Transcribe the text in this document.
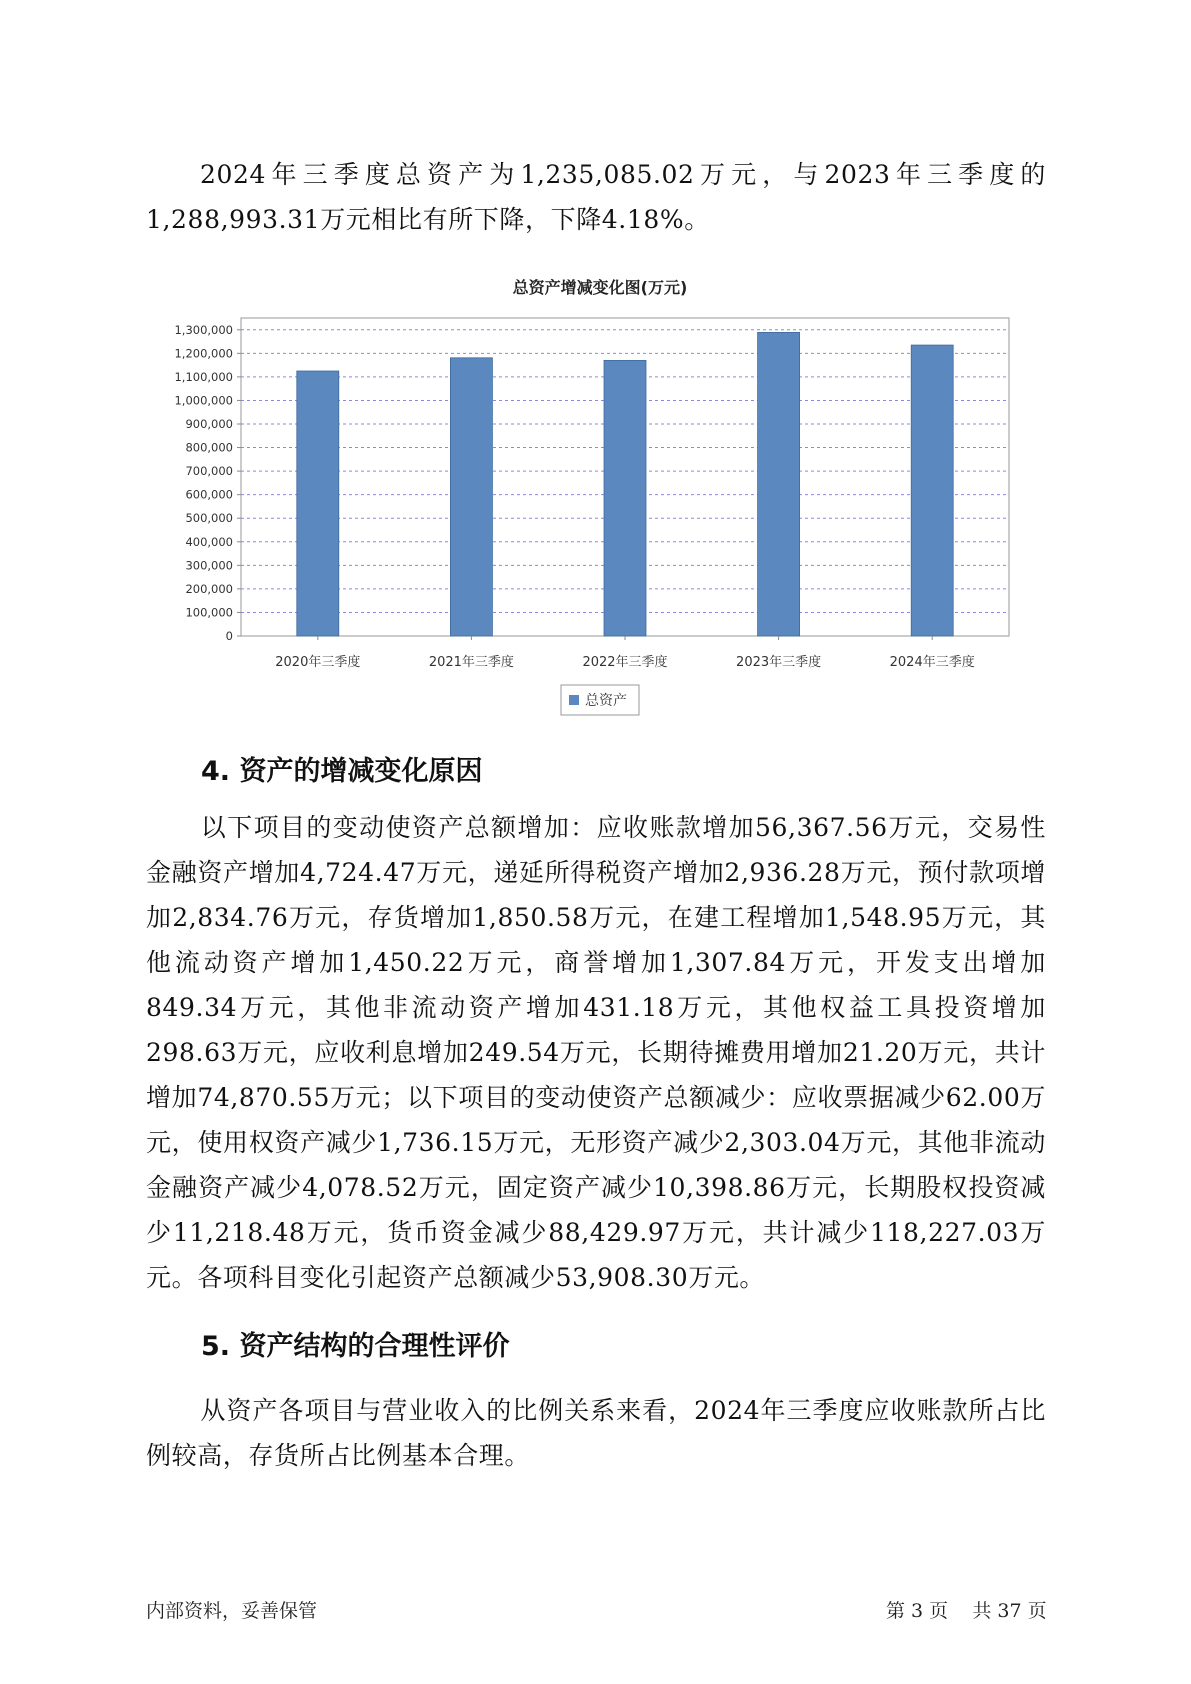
2024年三季度总资产为1,235,085.02万元，与2023年三季度的1,288,993.31万元相比有所下降，下降4.18%。

总资产增减变化图(万元)

0
100,000
200,000
300,000
400,000
500,000
600,000
700,000
800,000
900,000
1,000,000
1,100,000
1,200,000
1,300,000
2020年三季度	2021年三季度	2022年三季度	2023年三季度	2024年三季度
总资产
4. 资产的增减变化原因

以下项目的变动使资产总额增加：应收账款增加56,367.56万元，交易性金融资产增加4,724.47万元，递延所得税资产增加2,936.28万元，预付款项增加2,834.76万元，存货增加1,850.58万元，在建工程增加1,548.95万元，其他流动资产增加1,450.22万元，商誉增加1,307.84万元，开发支出增加849.34万元，其他非流动资产增加431.18万元，其他权益工具投资增加298.63万元，应收利息增加249.54万元，长期待摊费用增加21.20万元，共计增加74,870.55万元；以下项目的变动使资产总额减少：应收票据减少62.00万元，使用权资产减少1,736.15万元，无形资产减少2,303.04万元，其他非流动金融资产减少4,078.52万元，固定资产减少10,398.86万元，长期股权投资减少11,218.48万元，货币资金减少88,429.97万元，共计减少118,227.03万元。各项科目变化引起资产总额减少53,908.30万元。

5. 资产结构的合理性评价

从资产各项目与营业收入的比例关系来看，2024年三季度应收账款所占比例较高，存货所占比例基本合理。

内部资料，妥善保管	第 3 页 共 37 页
